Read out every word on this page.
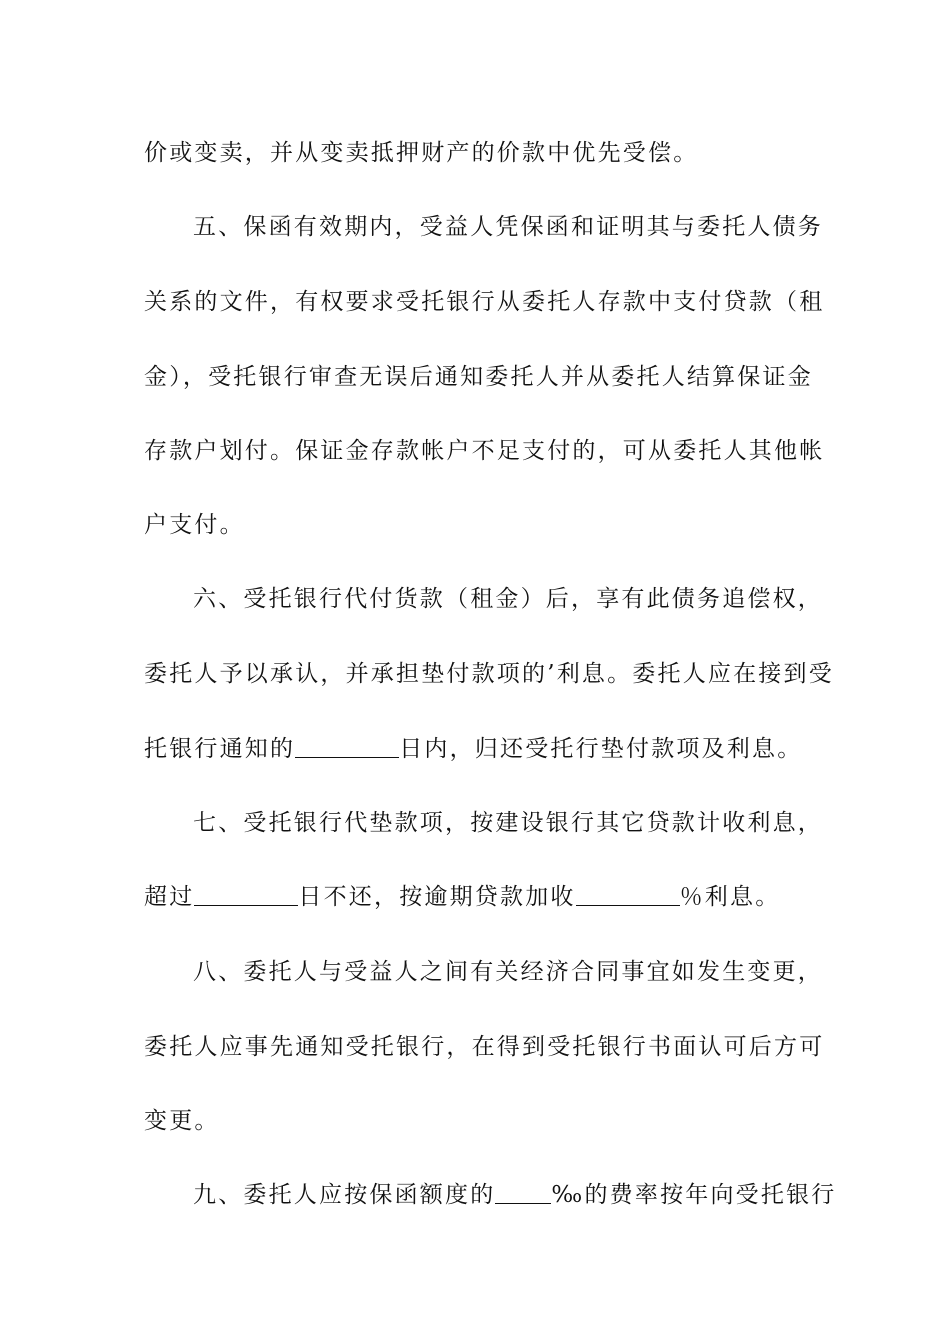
价或变卖，并从变卖抵押财产的价款中优先受偿。
五、保函有效期内，受益人凭保函和证明其与委托人债务
关系的文件，有权要求受托银行从委托人存款中支付贷款（租
金），受托银行审查无误后通知委托人并从委托人结算保证金
存款户划付。保证金存款帐户不足支付的，可从委托人其他帐
户支付。
六、受托银行代付货款（租金）后，享有此债务追偿权，
委托人予以承认，并承担垫付款项的’利息。委托人应在接到受
托银行通知的	日内，归还受托行垫付款项及利息。
七、受托银行代垫款项，按建设银行其它贷款计收利息，
超过	日不还，按逾期贷款加收	％利息。
八、委托人与受益人之间有关经济合同事宜如发生变更，
委托人应事先通知受托银行，在得到受托银行书面认可后方可
变更。
九、委托人应按保函额度的 ‰的费率按年向受托银行
